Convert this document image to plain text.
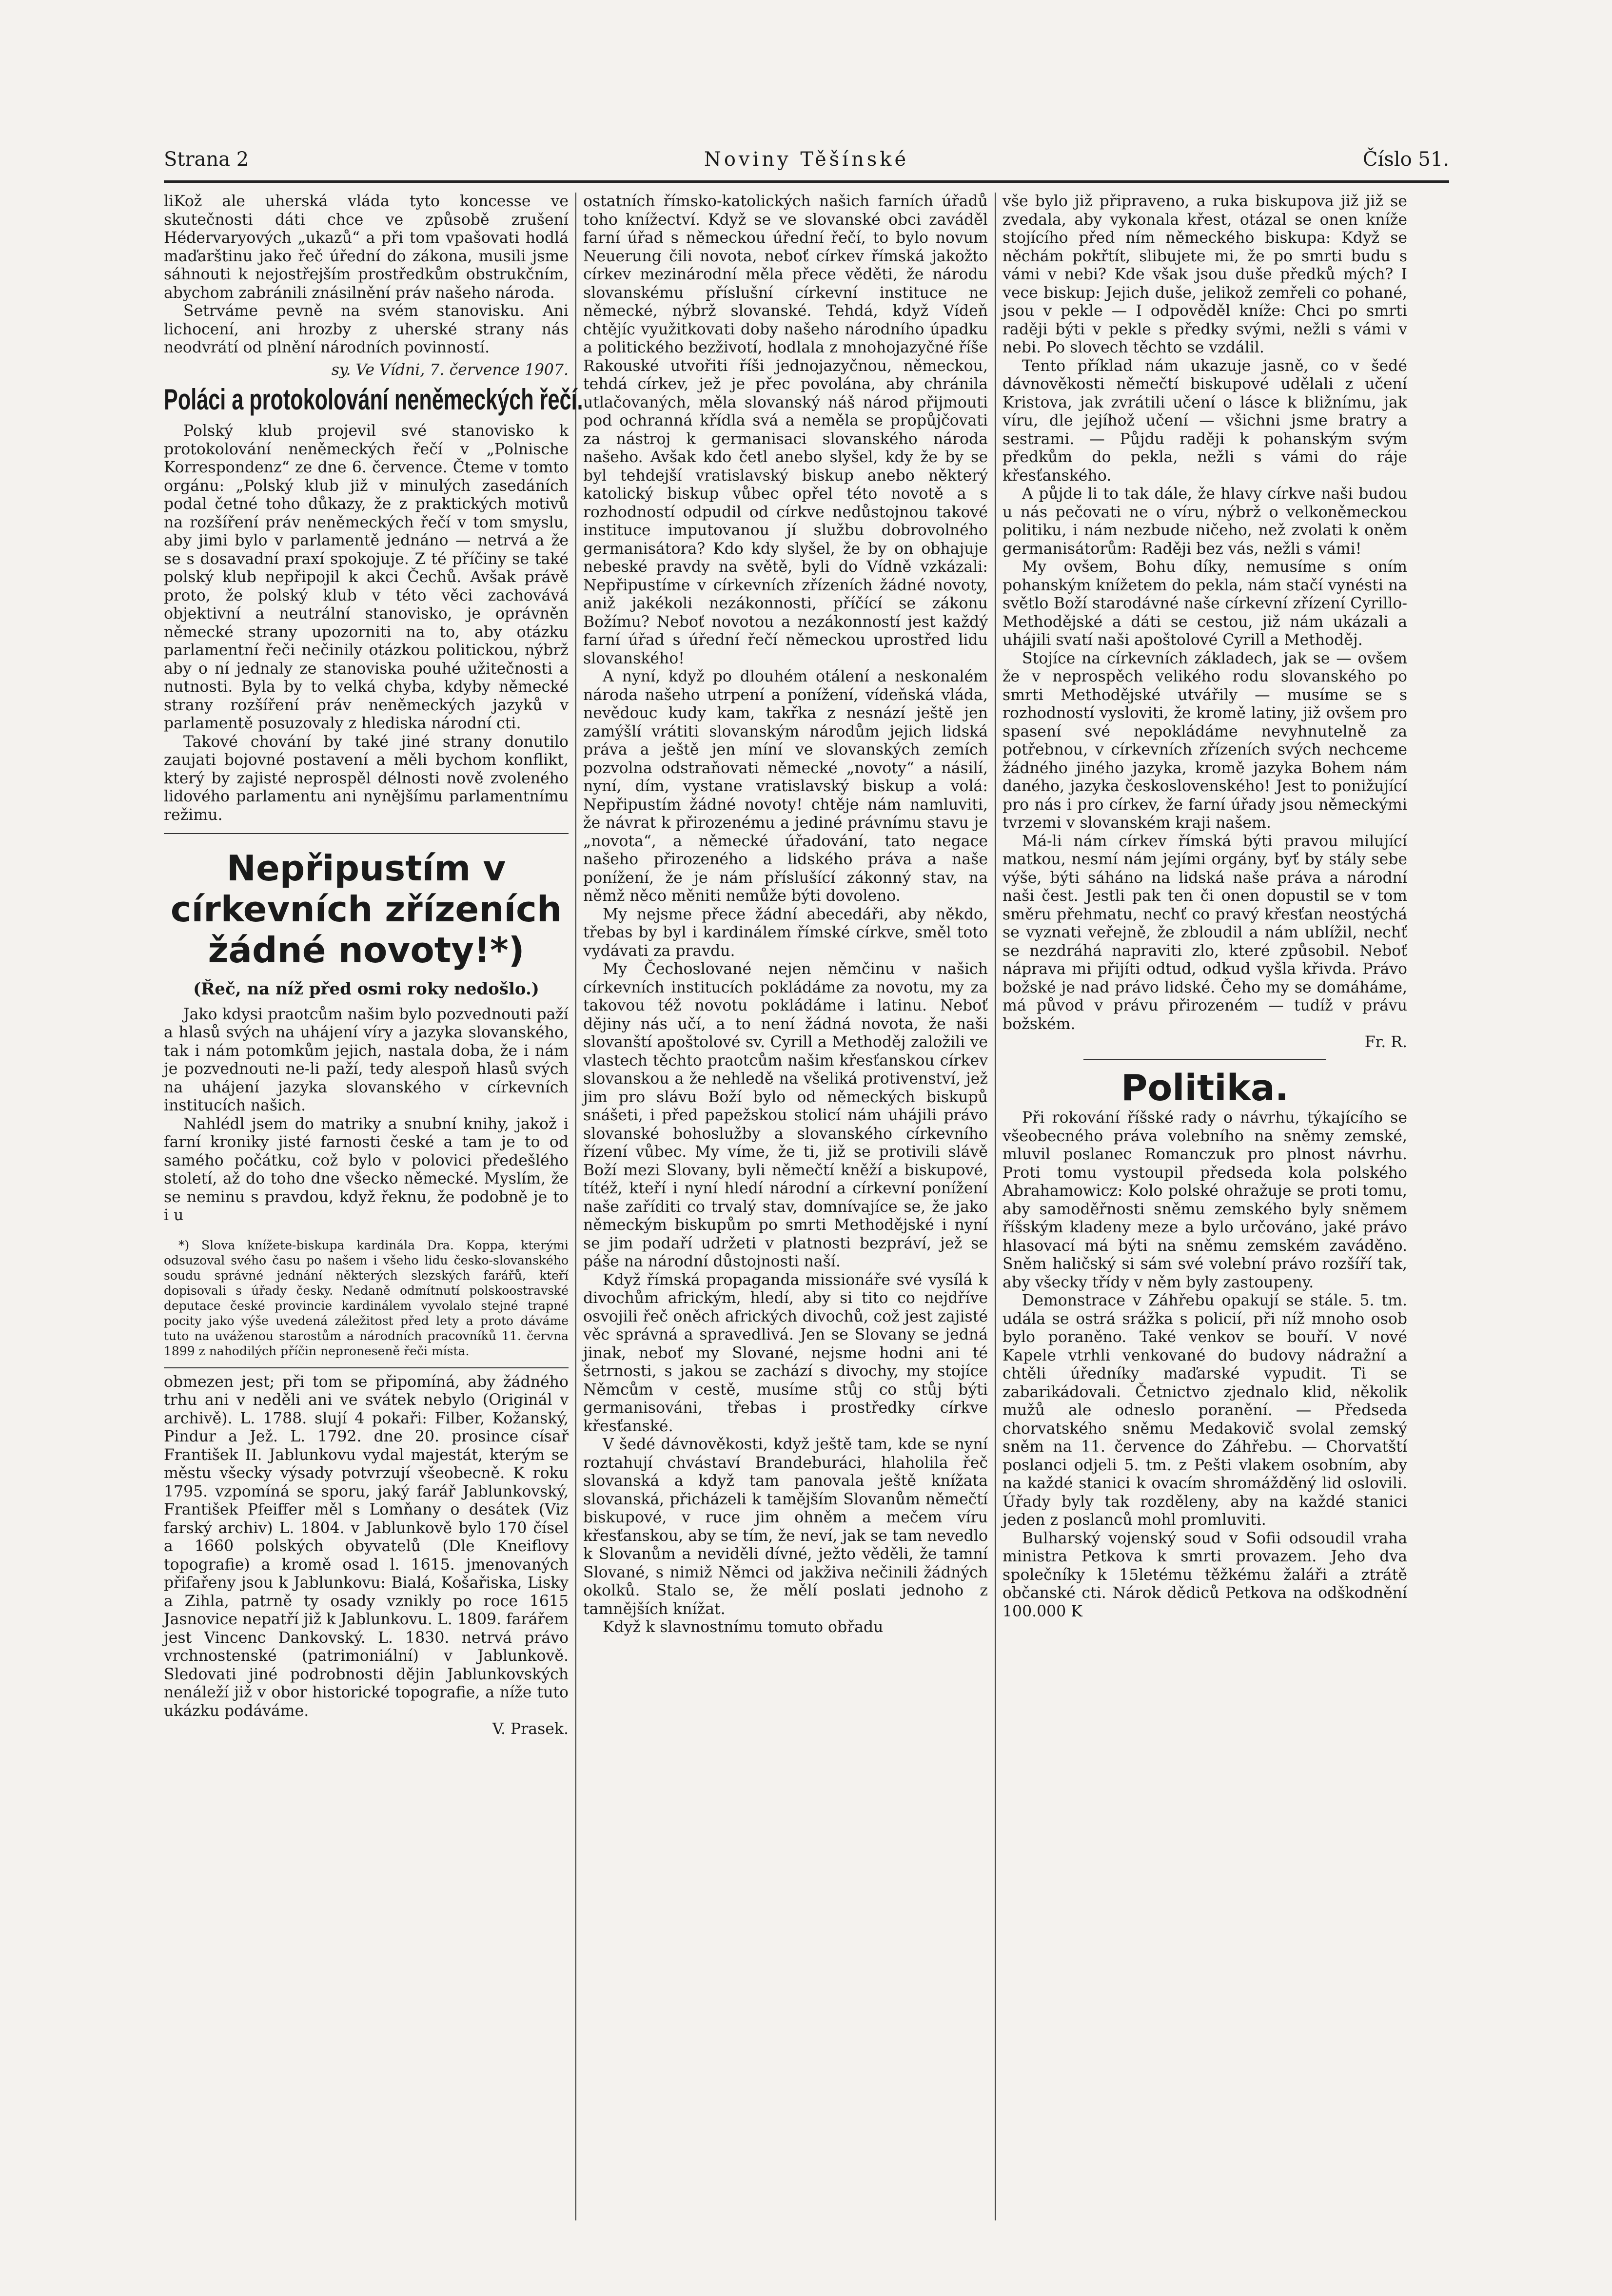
Strana 2	Noviny Těšínské	Číslo 51.

liKož ale uherská vláda tyto koncesse ve skutečnosti dáti chce ve způsobě zrušení Hédervaryových „ukazů“ a při tom vpašovati hodlá maďarštinu jako řeč úřední do zákona, musili jsme sáhnouti k nejostřejším prostředkům obstrukčním, abychom zabránili znásilnění práv našeho národa.

Setrváme pevně na svém stanovisku. Ani lichocení, ani hrozby z uherské strany nás neodvrátí od plnění národních povinností.

sy. Ve Vídni, 7. července 1907.
Poláci a protokolování neněmeckých řečí.

Polský klub projevil své stanovisko k protokolování neněmeckých řečí v „Polnische Korrespondenz“ ze dne 6. července. Čteme v tomto orgánu: „Polský klub již v minulých zasedáních podal četné toho důkazy, že z praktických motivů na rozšíření práv neněmeckých řečí v tom smyslu, aby jimi bylo v parlamentě jednáno — netrvá a že se s dosavadní praxí spokojuje. Z té příčiny se také polský klub nepřipojil k akci Čechů. Avšak právě proto, že polský klub v této věci zachovává objektivní a neutrální stanovisko, je oprávněn německé strany upozorniti na to, aby otázku parlamentní řeči nečinily otázkou politickou, nýbrž aby o ní jednaly ze stanoviska pouhé užitečnosti a nutnosti. Byla by to velká chyba, kdyby německé strany rozšíření práv neněmeckých jazyků v parlamentě posuzovaly z hlediska národní cti.

Takové chování by také jiné strany donutilo zaujati bojovné postavení a měli bychom konflikt, který by zajisté neprospěl délnosti nově zvoleného lidového parlamentu ani nynějšímu parlamentnímu režimu.

Nepřipustím v církevních zřízeních žádné novoty!*)
(Řeč, na níž před osmi roky nedošlo.)

Jako kdysi praotcům našim bylo pozvednouti paží a hlasů svých na uhájení víry a jazyka slovanského, tak i nám potomkům jejich, nastala doba, že i nám je pozvednouti ne-li paží, tedy alespoň hlasů svých na uhájení jazyka slovanského v církevních institucích našich.

Nahlédl jsem do matriky a snubní knihy, jakož i farní kroniky jisté farnosti české a tam je to od samého počátku, což bylo v polovici předešlého století, až do toho dne všecko německé. Myslím, že se neminu s pravdou, když řeknu, že podobně je to i u

*) Slova knížete-biskupa kardinála Dra. Koppa, kterými odsuzoval svého času po našem i všeho lidu česko-slovanského soudu správné jednání některých slezských farářů, kteří dopisovali s úřady česky. Nedaně odmítnutí polskoostravské deputace české provincie kardinálem vyvolalo stejné trapné pocity jako výše uvedená záležitost před lety a proto dáváme tuto na uváženou starostům a národních pracovníků 11. června 1899 z nahodilých příčin neproneseně řeči místa.

obmezen jest; při tom se připomíná, aby žádného trhu ani v neděli ani ve svátek nebylo (Originál v archivě). L. 1788. slují 4 pokaři: Filber, Kožanský, Pindur a Jež. L. 1792. dne 20. prosince císař František II. Jablunkovu vydal majestát, kterým se městu všecky výsady potvrzují všeobecně. K roku 1795. vzpomíná se sporu, jaký farář Jablunkovský, František Pfeiffer měl s Lomňany o desátek (Viz farský archiv) L. 1804. v Jablunkově bylo 170 čísel a 1660 polských obyvatelů (Dle Kneiflovy topografie) a kromě osad l. 1615. jmenovaných přifařeny jsou k Jablunkovu: Bialá, Košařiska, Lisky a Zihla, patrně ty osady vznikly po roce 1615 Jasnovice nepatří již k Jablunkovu. L. 1809. farářem jest Vincenc Dankovský. L. 1830. netrvá právo vrchnostenské (patrimoniální) v Jablunkově. Sledovati jiné podrobnosti dějin Jablunkovských nenáleží již v obor historické topografie, a níže tuto ukázku podáváme.

V. Prasek.

ostatních římsko-katolických našich farních úřadů toho knížectví. Když se ve slovanské obci zaváděl farní úřad s německou úřední řečí, to bylo novum Neuerung čili novota, neboť církev římská jakožto církev mezinárodní měla přece věděti, že národu slovanskému příslušní církevní instituce ne německé, nýbrž slovanské. Tehdá, když Vídeň chtějíc využitkovati doby našeho národního úpadku a politického bezživotí, hodlala z mnohojazyčné říše Rakouské utvořiti říši jednojazyčnou, německou, tehdá církev, jež je přec povolána, aby chránila utlačovaných, měla slovanský náš národ přijmouti pod ochranná křídla svá a neměla se propůjčovati za nástroj k germanisaci slovanského národa našeho. Avšak kdo četl anebo slyšel, kdy že by se byl tehdejší vratislavský biskup anebo některý katolický biskup vůbec opřel této novotě a s rozhodností odpudil od církve nedůstojnou takové instituce imputovanou jí službu dobrovolného germanisátora? Kdo kdy slyšel, že by on obhajuje nebeské pravdy na světě, byli do Vídně vzkázali: Nepřipustíme v církevních zřízeních žádné novoty, aniž jakékoli nezákonnosti, příčící se zákonu Božímu? Neboť novotou a nezákonností jest každý farní úřad s úřední řečí německou uprostřed lidu slovanského!

A nyní, když po dlouhém otálení a neskonalém národa našeho utrpení a ponížení, vídeňská vláda, nevědouc kudy kam, takřka z nesnází ještě jen zamýšlí vrátiti slovanským národům jejich lidská práva a ještě jen míní ve slovanských zemích pozvolna odstraňovati německé „novoty“ a násilí, nyní, dím, vystane vratislavský biskup a volá: Nepřipustím žádné novoty! chtěje nám namluviti, že návrat k přirozenému a jediné právnímu stavu je „novota“, a německé úřadování, tato negace našeho přirozeného a lidského práva a naše ponížení, že je nám příslušící zákonný stav, na němž něco měniti nemůže býti dovoleno.

My nejsme přece žádní abecedáři, aby někdo, třebas by byl i kardinálem římské církve, směl toto vydávati za pravdu.

My Čechoslované nejen němčinu v našich církevních institucích pokládáme za novotu, my za takovou též novotu pokládáme i latinu. Neboť dějiny nás učí, a to není žádná novota, že naši slovanští apoštolové sv. Cyrill a Methoděj založili ve vlastech těchto praotcům našim křesťanskou církev slovanskou a že nehledě na všeliká protivenství, jež jim pro slávu Boží bylo od německých biskupů snášeti, i před papežskou stolicí nám uhájili právo slovanské bohoslužby a slovanského církevního řízení vůbec. My víme, že ti, již se protivili slávě Boží mezi Slovany, byli němečtí kněží a biskupové, títéž, kteří i nyní hledí národní a církevní ponížení naše zaříditi co trvalý stav, domnívajíce se, že jako německým biskupům po smrti Methodějské i nyní se jim podaří udržeti v platnosti bezpráví, jež se páše na národní důstojnosti naší.

Když římská propaganda missionáře své vysílá k divochům africkým, hledí, aby si tito co nejdříve osvojili řeč oněch afrických divochů, což jest zajisté věc správná a spravedlivá. Jen se Slovany se jedná jinak, neboť my Slované, nejsme hodni ani té šetrnosti, s jakou se zachází s divochy, my stojíce Němcům v cestě, musíme stůj co stůj býti germanisováni, třebas i prostředky církve křesťanské.

V šedé dávnověkosti, když ještě tam, kde se nyní roztahují chvástaví Brandeburáci, hlaholila řeč slovanská a když tam panovala ještě knížata slovanská, přicházeli k tamějším Slovanům němečtí biskupové, v ruce jim ohněm a mečem víru křesťanskou, aby se tím, že neví, jak se tam nevedlo k Slovanům a neviděli dívné, ježto věděli, že tamní Slované, s nimiž Němci od jakživa nečinili žádných okolků. Stalo se, že mělí poslati jednoho z tamnějších knížat.

Když k slavnostnímu tomuto obřadu

vše bylo již připraveno, a ruka biskupova již již se zvedala, aby vykonala křest, otázal se onen kníže stojícího před ním německého biskupa: Když se něchám pokřtít, slibujete mi, že po smrti budu s vámi v nebi? Kde však jsou duše předků mých? I vece biskup: Jejich duše, jelikož zemřeli co pohané, jsou v pekle — I odpověděl kníže: Chci po smrti raději býti v pekle s předky svými, nežli s vámi v nebi. Po slovech těchto se vzdálil.

Tento příklad nám ukazuje jasně, co v šedé dávnověkosti němečtí biskupové udělali z učení Kristova, jak zvrátili učení o lásce k bližnímu, jak víru, dle jejíhož učení — všichni jsme bratry a sestrami. — Půjdu raději k pohanským svým předkům do pekla, nežli s vámi do ráje křesťanského.

A půjde li to tak dále, že hlavy církve naši budou u nás pečovati ne o víru, nýbrž o velkoněmeckou politiku, i nám nezbude ničeho, než zvolati k oněm germanisátorům: Raději bez vás, nežli s vámi!

My ovšem, Bohu díky, nemusíme s oním pohanským knížetem do pekla, nám stačí vynésti na světlo Boží starodávné naše církevní zřízení Cyrillo-Methodějské a dáti se cestou, již nám ukázali a uhájili svatí naši apoštolové Cyrill a Methoděj.

Stojíce na církevních základech, jak se — ovšem že v neprospěch velikého rodu slovanského po smrti Methodějské utvářily — musíme se s rozhodností vysloviti, že kromě latiny, již ovšem pro spasení své nepokládáme nevyhnutelně za potřebnou, v církevních zřízeních svých nechceme žádného jiného jazyka, kromě jazyka Bohem nám daného, jazyka československého! Jest to ponižující pro nás i pro církev, že farní úřady jsou německými tvrzemi v slovanském kraji našem.

Má-li nám církev římská býti pravou milující matkou, nesmí nám jejími orgány, byť by stály sebe výše, býti sáháno na lidská naše práva a národní naši čest. Jestli pak ten či onen dopustil se v tom směru přehmatu, nechť co pravý křesťan neostýchá se vyznati veřejně, že zbloudil a nám ublížil, nechť se nezdráhá napraviti zlo, které způsobil. Neboť náprava mi přijíti odtud, odkud vyšla křivda. Právo božské je nad právo lidské. Čeho my se domáháme, má původ v právu přirozeném — tudíž v právu božském.

Fr. R.
Politika.

Při rokování říšské rady o návrhu, týkajícího se všeobecného práva volebního na sněmy zemské, mluvil poslanec Romanczuk pro plnost návrhu. Proti tomu vystoupil předseda kola polského Abrahamowicz: Kolo polské ohražuje se proti tomu, aby samoděřnosti sněmu zemského byly sněmem říšským kladeny meze a bylo určováno, jaké právo hlasovací má býti na sněmu zemském zaváděno. Sněm haličský si sám své volební právo rozšíří tak, aby všecky třídy v něm byly zastoupeny.

Demonstrace v Záhřebu opakují se stále. 5. tm. udála se ostrá srážka s policií, při níž mnoho osob bylo poraněno. Také venkov se bouří. V nové Kapele vtrhli venkované do budovy nádražní a chtěli úředníky maďarské vypudit. Ti se zabarikádovali. Četnictvo zjednalo klid, několik mužů ale odneslo poranění. — Předseda chorvatského sněmu Medakovič svolal zemský sněm na 11. července do Záhřebu. — Chorvatští poslanci odjeli 5. tm. z Pešti vlakem osobním, aby na každé stanici k ovacím shromážděný lid oslovili. Úřady byly tak rozděleny, aby na každé stanici jeden z poslanců mohl promluviti.

Bulharský vojenský soud v Sofii odsoudil vraha ministra Petkova k smrti provazem. Jeho dva společníky k 15letému těžkému žaláři a ztrátě občanské cti. Nárok dědiců Petkova na odškodnění 100.000 K
